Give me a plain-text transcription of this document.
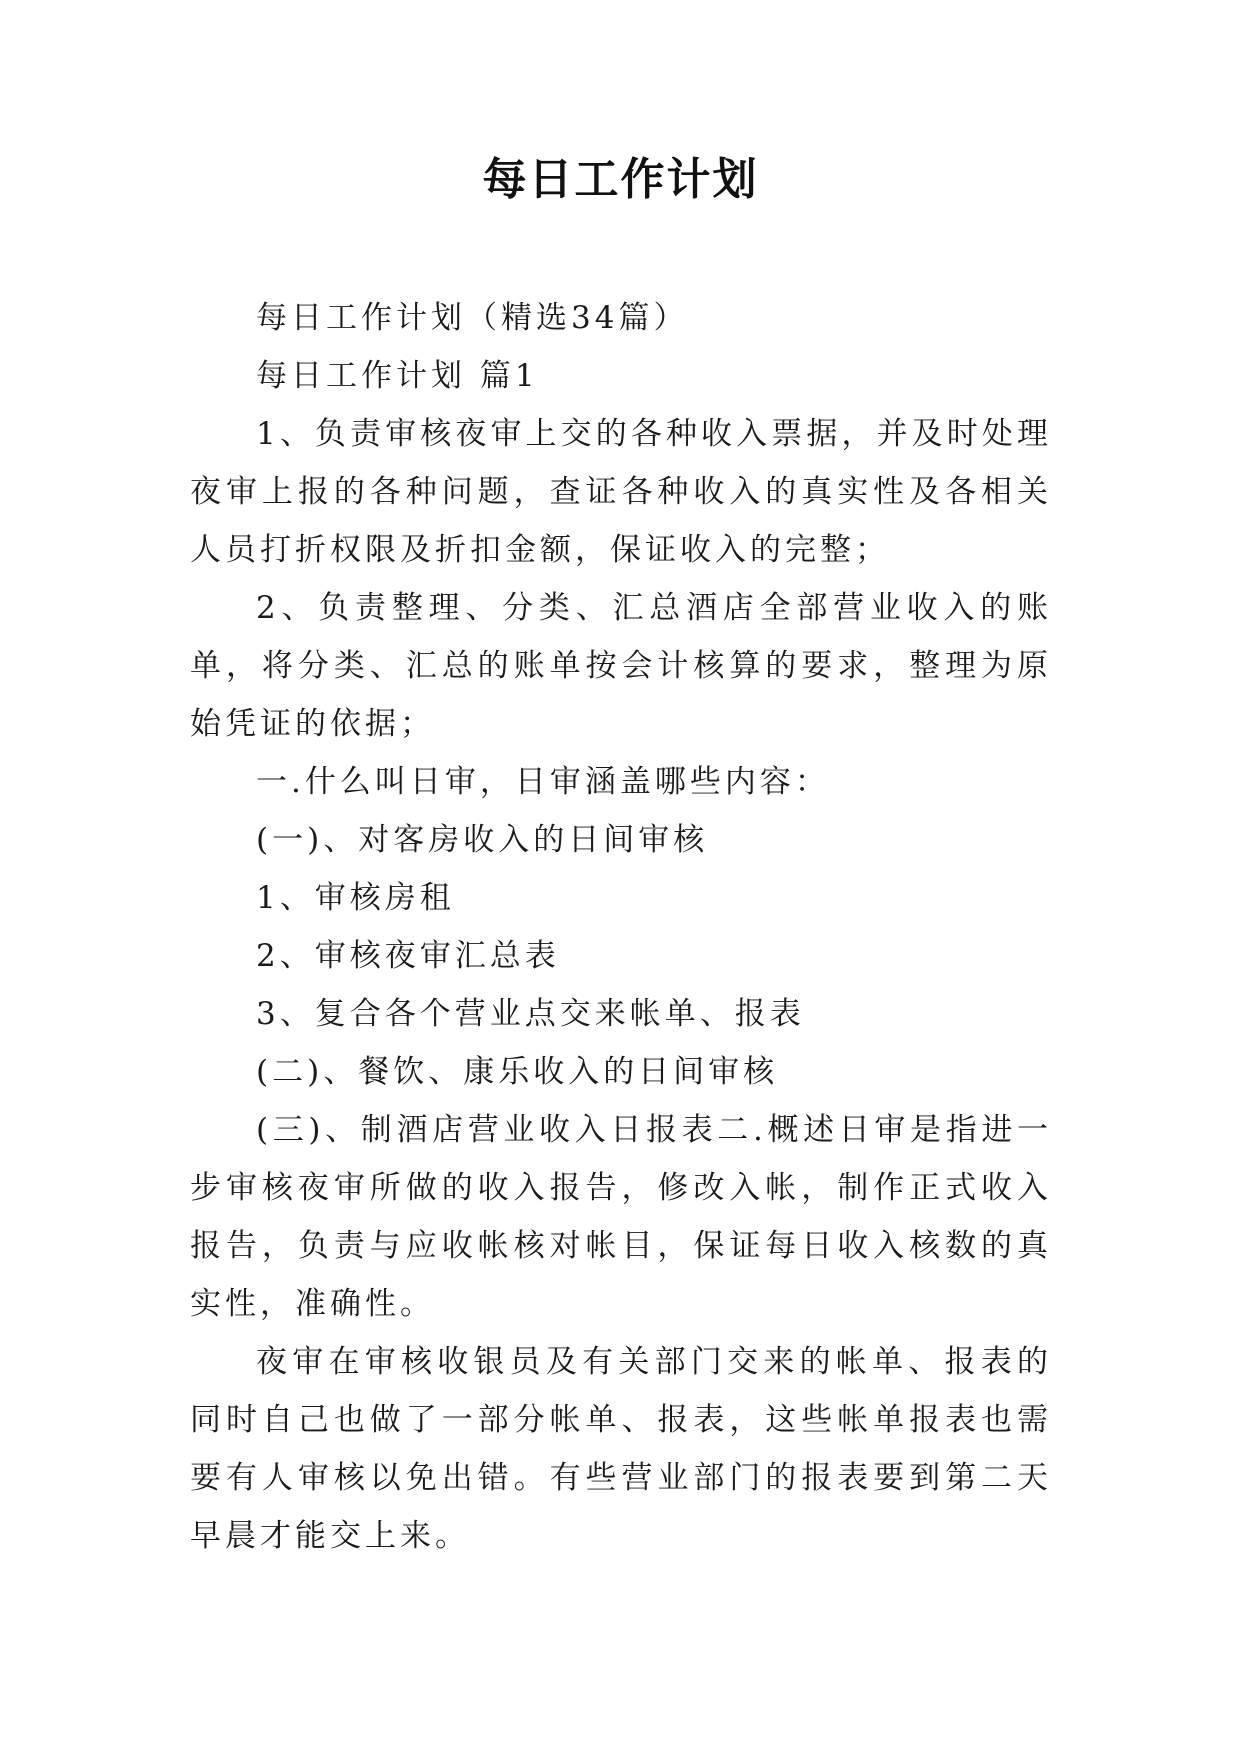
每日工作计划

每日工作计划（精选34篇）

每日工作计划 篇1

1、负责审核夜审上交的各种收入票据，并及时处理夜审上报的各种问题，查证各种收入的真实性及各相关人员打折权限及折扣金额，保证收入的完整；

2、负责整理、分类、汇总酒店全部营业收入的账单，将分类、汇总的账单按会计核算的要求，整理为原始凭证的依据；

一.什么叫日审，日审涵盖哪些内容：

(一)、对客房收入的日间审核

1、审核房租

2、审核夜审汇总表

3、复合各个营业点交来帐单、报表

(二)、餐饮、康乐收入的日间审核

(三)、制酒店营业收入日报表二.概述日审是指进一步审核夜审所做的收入报告，修改入帐，制作正式收入报告，负责与应收帐核对帐目，保证每日收入核数的真实性，准确性。

夜审在审核收银员及有关部门交来的帐单、报表的同时自己也做了一部分帐单、报表，这些帐单报表也需要有人审核以免出错。有些营业部门的报表要到第二天早晨才能交上来。
